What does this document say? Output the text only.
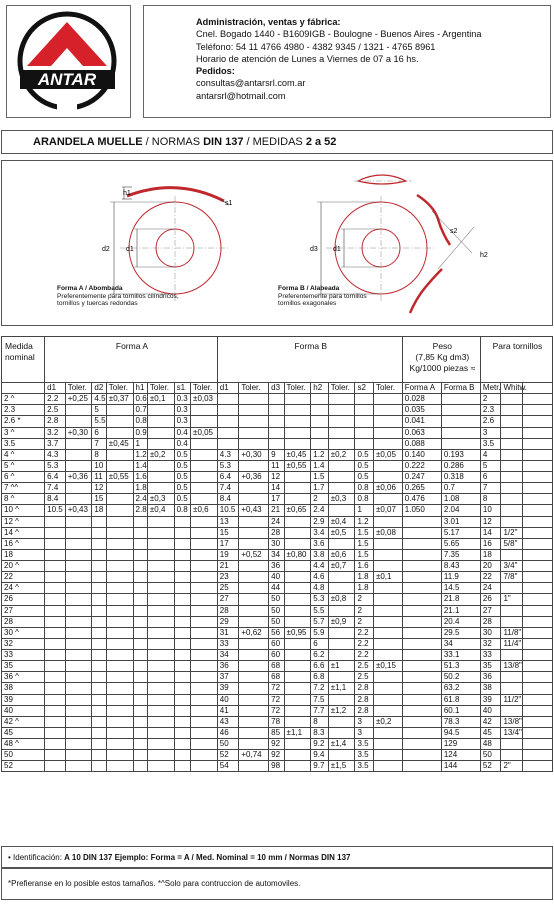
ANTAR
Administración, ventas y fábrica:
Cnel. Bogado 1440 - B1609IGB - Boulogne - Buenos Aires - Argentina
Teléfono: 54 11 4766 4980 - 4382 9345 / 1321 - 4765 8961
Horario de atención de Lunes a Viernes de 07 a 16 hs.
Pedidos:
consultas@antarsrl.com.ar
antarsrl@hotmail.com
ARANDELA MUELLE / NORMAS DIN 137 / MEDIDAS 2 a 52
h1
s1
d2 d1	d3 d1
s2
h2
Forma A / Abombada
Preferentemente para tornillos cilíndricos,
tornillos y tuercas redondas
Forma B / Alabeada
Preferentemente para tornillos
tornillos exagonales
Medida
nominal	Forma A								Forma B								Peso
(7,85 Kg dm3)
Kg/1000 piezas ≈		Para tornillos		
	d1	Toler.	d2	Toler.	h1	Toler.	s1	Toler.	d1	Toler.	d3	Toler.	h2	Toler.	s2	Toler.	Forma A	Forma B	Metr.	Whitw.	
2 ^	2.2	+0,25	4.5	±0,37	0.6	±0,1	0.3	±0,03									0.028		2		
2.3	2.5		5		0.7		0.3										0.035		2.3		
2.6 *	2.8		5.5		0.8		0.3										0.041		2.6		
3 ^	3.2	+0,30	6		0.9		0.4	±0,05									0.063		3		
3.5	3.7		7	±0,45	1		0.4										0.088		3.5		
4 ^	4.3		8		1.2	±0,2	0.5		4.3	+0,30	9	±0,45	1.2	±0,2	0.5	±0,05	0.140	0.193	4		
5 ^	5.3		10		1.4		0.5		5.3		11	±0,55	1.4		0.5		0.222	0.286	5		
6 ^	6.4	+0,36	11	±0,55	1.6		0.5		6.4	+0,36	12		1.5		0.5		0.247	0.318	6		
7 ^^	7.4		12		1.8		0.5		7.4		14		1.7		0.8	±0,06	0.265	0.7	7		
8 ^	8.4		15		2.4	±0,3	0.5		8.4		17		2	±0,3	0.8		0.476	1.08	8		
10 ^	10.5	+0,43	18		2.8	±0,4	0.8	±0,6	10.5	+0,43	21	±0,65	2.4		1	±0,07	1.050	2.04	10		
12 ^									13		24		2.9	±0,4	1.2			3.01	12		
14 ^									15		28		3.4	±0,5	1.5	±0,08		5.17	14	1/2"	
16 ^									17		30		3.6		1.5			5.65	16	5/8"	
18									19	+0,52	34	±0,80	3.8	±0,6	1.5			7.35	18		
20 ^									21		36		4.4	±0,7	1.6			8.43	20	3/4"	
22									23		40		4.6		1.8	±0,1		11.9	22	7/8"	
24 ^									25		44		4.8		1.8			14.5	24		
26									27		50		5.3	±0,8	2			21.8	26	1"	
27									28		50		5.5		2			21.1	27		
28									29		50		5.7	±0,9	2			20.4	28		
30 ^									31	+0,62	56	±0,95	5.9		2.2			29.5	30	11/8"	
32									33		60		6		2.2			34	32	11/4"	
33									34		60		6.2		2.2			33.1	33		
35									36		68		6.6	±1	2.5	±0,15		51.3	35	13/8"	
36 ^									37		68		6.8		2.5			50.2	36		
38									39		72		7.2	±1,1	2.8			63.2	38		
39									40		72		7.5		2.8			61.8	39	11/2"	
40									41		72		7.7	±1,2	2.8			60.1	40		
42 ^									43		78		8		3	±0,2		78.3	42	13/8"	
45									46		85	±1,1	8.3		3			94.5	45	13/4"	
48 ^									50		92		9.2	±1,4	3.5			129	48		
50									52	+0,74	92		9.4		3.5			124	50		
52									54		98		9.7	±1,5	3.5			144	52	2"	
• Identificación: A 10 DIN 137 Ejemplo: Forma = A / Med. Nominal = 10 mm / Normas DIN 137
*Prefieranse en lo posible estos tamaños. *^Solo para contruccion de automoviles.
